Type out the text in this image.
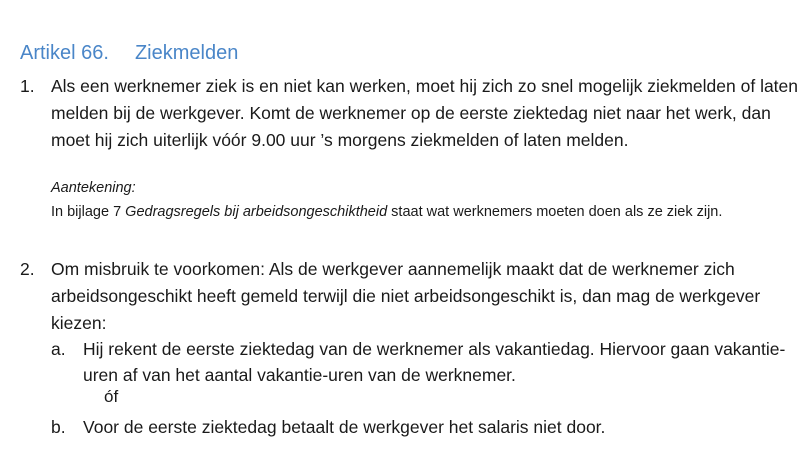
Artikel 66. Ziekmelden
1. Als een werknemer ziek is en niet kan werken, moet hij zich zo snel mogelijk ziekmelden of laten
melden bij de werkgever. Komt de werknemer op de eerste ziektedag niet naar het werk, dan
moet hij zich uiterlijk vóór 9.00 uur ’s morgens ziekmelden of laten melden.
Aantekening:
In bijlage 7 Gedragsregels bij arbeidsongeschiktheid staat wat werknemers moeten doen als ze ziek zijn.
2. Om misbruik te voorkomen: Als de werkgever aannemelijk maakt dat de werknemer zich
arbeidsongeschikt heeft gemeld terwijl die niet arbeidsongeschikt is, dan mag de werkgever
kiezen:
a. Hij rekent de eerste ziektedag van de werknemer als vakantiedag. Hiervoor gaan vakantie-
uren af van het aantal vakantie-uren van de werknemer.
óf
b. Voor de eerste ziektedag betaalt de werkgever het salaris niet door.
